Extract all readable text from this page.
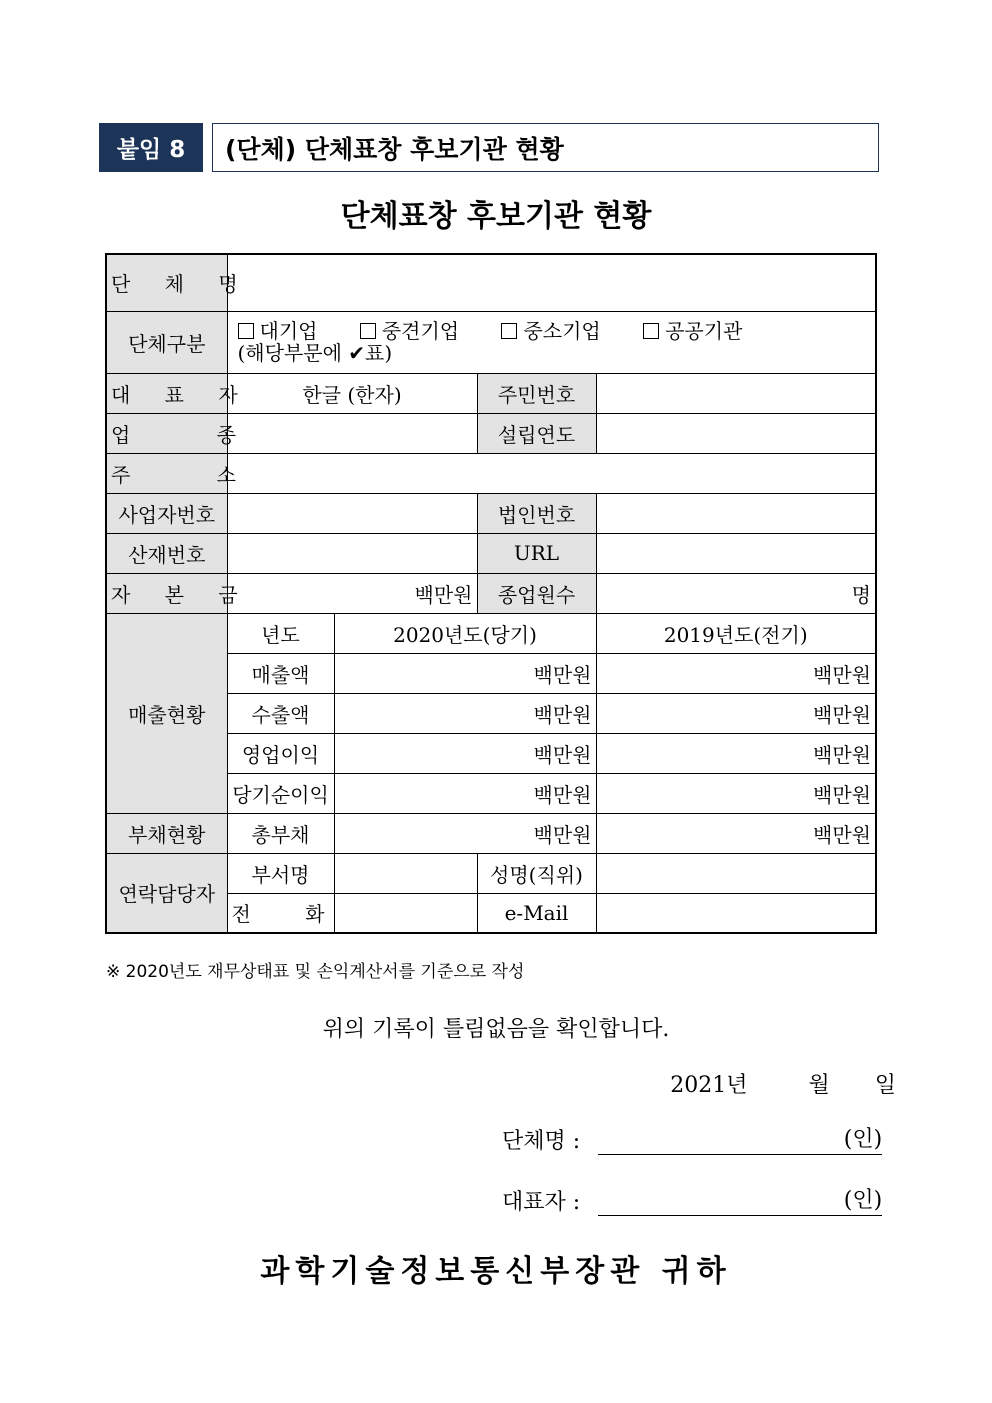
붙임 8	(단체) 단체표창 후보기관 현황
단체표창 후보기관 현황
단 체 명				
단체구분	대기업 중견기업 중소기업 공공기관
(해당부문에 ✔표)			

대 표 자	한글 (한자)		주민번호	
업 종			설립연도	
주 소				
사업자번호			법인번호	
산재번호			URL	
자 본 금	백만원		종업원수	명
매출현황	년도	2020년도(당기)		2019년도(전기)
	매출액	백만원		백만원
	수출액	백만원		백만원
	영업이익	백만원		백만원
	당기순이익	백만원		백만원
부채현황	총부채	백만원		백만원
연락담당자	부서명		성명(직위)	
	전 화		e-Mail	
※ 2020년도 재무상태표 및 손익계산서를 기준으로 작성
위의 기록이 틀림없음을 확인합니다.
2021년	월 일
단체명 :	(인)
대표자 :	(인)
과학기술정보통신부장관 귀하
